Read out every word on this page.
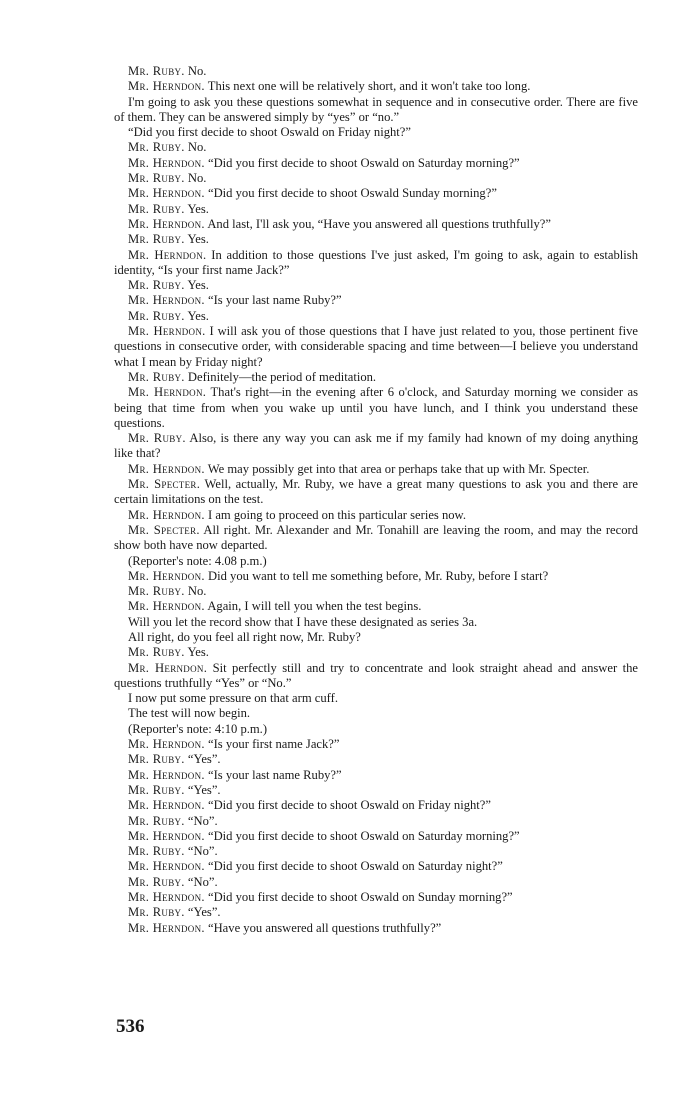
Mr. Ruby. No.

Mr. Herndon. This next one will be relatively short, and it won't take too long.

I'm going to ask you these questions somewhat in sequence and in consecutive order. There are five of them. They can be answered simply by “yes” or “no.”

“Did you first decide to shoot Oswald on Friday night?”

Mr. Ruby. No.

Mr. Herndon. “Did you first decide to shoot Oswald on Saturday morning?”

Mr. Ruby. No.

Mr. Herndon. “Did you first decide to shoot Oswald Sunday morning?”

Mr. Ruby. Yes.

Mr. Herndon. And last, I'll ask you, “Have you answered all questions truthfully?”

Mr. Ruby. Yes.

Mr. Herndon. In addition to those questions I've just asked, I'm going to ask, again to establish identity, “Is your first name Jack?”

Mr. Ruby. Yes.

Mr. Herndon. “Is your last name Ruby?”

Mr. Ruby. Yes.

Mr. Herndon. I will ask you of those questions that I have just related to you, those pertinent five questions in consecutive order, with considerable spacing and time between—I believe you understand what I mean by Friday night?

Mr. Ruby. Definitely—the period of meditation.

Mr. Herndon. That's right—in the evening after 6 o'clock, and Saturday morning we consider as being that time from when you wake up until you have lunch, and I think you understand these questions.

Mr. Ruby. Also, is there any way you can ask me if my family had known of my doing anything like that?

Mr. Herndon. We may possibly get into that area or perhaps take that up with Mr. Specter.

Mr. Specter. Well, actually, Mr. Ruby, we have a great many questions to ask you and there are certain limitations on the test.

Mr. Herndon. I am going to proceed on this particular series now.

Mr. Specter. All right. Mr. Alexander and Mr. Tonahill are leaving the room, and may the record show both have now departed.

(Reporter's note: 4.08 p.m.)

Mr. Herndon. Did you want to tell me something before, Mr. Ruby, before I start?

Mr. Ruby. No.

Mr. Herndon. Again, I will tell you when the test begins.

Will you let the record show that I have these designated as series 3a.

All right, do you feel all right now, Mr. Ruby?

Mr. Ruby. Yes.

Mr. Herndon. Sit perfectly still and try to concentrate and look straight ahead and answer the questions truthfully “Yes” or “No.”

I now put some pressure on that arm cuff.

The test will now begin.

(Reporter's note: 4:10 p.m.)

Mr. Herndon. “Is your first name Jack?”

Mr. Ruby. “Yes”.

Mr. Herndon. “Is your last name Ruby?”

Mr. Ruby. “Yes”.

Mr. Herndon. “Did you first decide to shoot Oswald on Friday night?”

Mr. Ruby. “No”.

Mr. Herndon. “Did you first decide to shoot Oswald on Saturday morning?”

Mr. Ruby. “No”.

Mr. Herndon. “Did you first decide to shoot Oswald on Saturday night?”

Mr. Ruby. “No”.

Mr. Herndon. “Did you first decide to shoot Oswald on Sunday morning?”

Mr. Ruby. “Yes”.

Mr. Herndon. “Have you answered all questions truthfully?”

536
